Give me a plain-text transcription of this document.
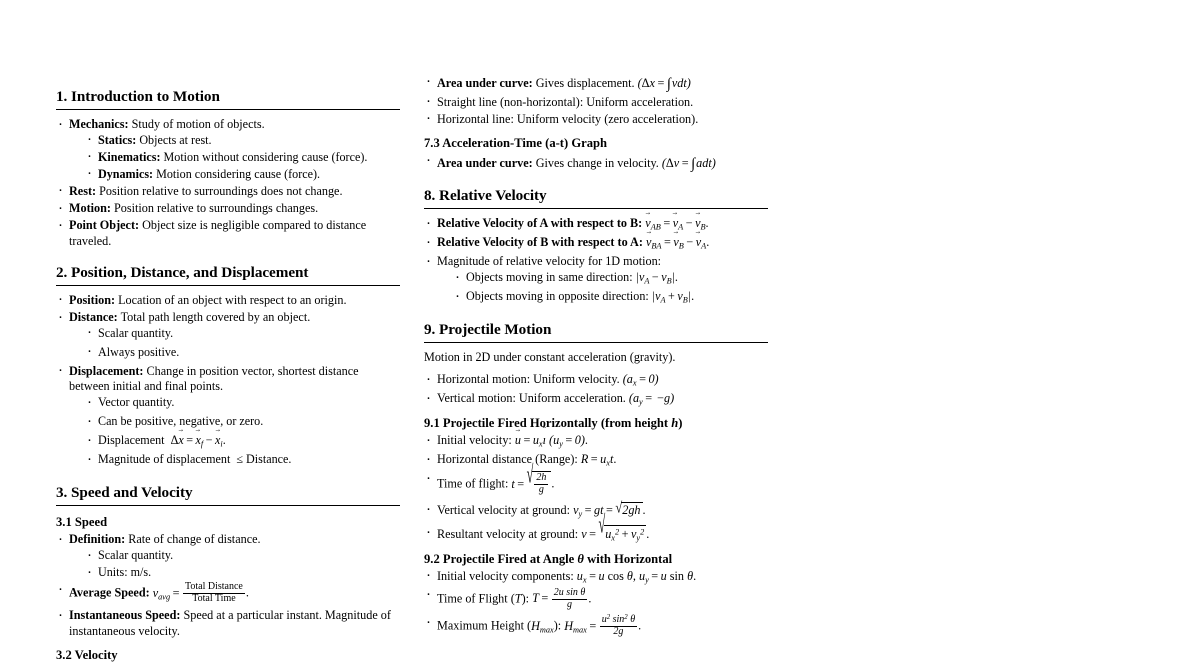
1. Introduction to Motion
· Mechanics: Study of motion of objects.
· Statics: Objects at rest.
· Kinematics: Motion without considering cause (force).
· Dynamics: Motion considering cause (force).
· Rest: Position relative to surroundings does not change.
· Motion: Position relative to surroundings changes.
· Point Object: Object size is negligible compared to distance traveled.
2. Position, Distance, and Displacement
· Position: Location of an object with respect to an origin.
· Distance: Total path length covered by an object.
· Scalar quantity.
· Always positive.
· Displacement: Change in position vector, shortest distance between initial and final points.
· Vector quantity.
· Can be positive, negative, or zero.
· Displacement Δx → = $x \to_f - x \to_i$.
· Magnitude of displacement  ≤ Distance.
3. Speed and Velocity
3.1 Speed
· Definition: Rate of change of distance.
· Scalar quantity.
· Units: m/s.
· Average Speed: $v_{avg} = \frac{\text{Total Distance}}{\text{Total Time}}$ .
· Instantaneous Speed: Speed at a particular instant. Magnitude of instantaneous velocity.
3.2 Velocity
· Area under curve: Gives displacement. (Δx = ∫vdt)
· Straight line (non-horizontal): Uniform acceleration.
· Horizontal line: Uniform velocity (zero acceleration).
7.3 Acceleration-Time (a-t) Graph
· Area under curve: Gives change in velocity. (Δv = ∫adt)
8. Relative Velocity
· Relative Velocity of A with respect to B: $v \to_{AB} = v \to_A - v \to_B$.
· Relative Velocity of B with respect to A: $v \to_{BA} = v \to_B - v \to_A$.
· Magnitude of relative velocity for 1D motion:
· Objects moving in same direction: $|v_A - v_B|$.
· Objects moving in opposite direction: $|v_A + v_B|$.
9. Projectile Motion

Motion in 2D under constant acceleration (gravity).

· Horizontal motion: Uniform velocity. $(a_x = 0)$
· Vertical motion: Uniform acceleration. $(a_y = -g)$
9.1 Projectile Fired Horizontally (from height h)
· Initial velocity: u → = $u_xı$ ˆ $(u_y = 0)$.
· Horizontal distance (Range): $R = u_xt$.
· Time of flight: t = √ $\frac{2h}{g}$ .
· Vertical velocity at ground: $v_y$ = gt = √2gh .
· Resultant velocity at ground: $v = √u_x^2 + v_y^2$ .
9.2 Projectile Fired at Angle θ with Horizontal
· Initial velocity components: $u_x = u$ cos θ, $u_y = u$ sin θ.
· Time of Flight (T): $T = \frac{\text{2u sin θ}}{g}$ .
· Maximum Height $(H_{max})$: $H_{max} = \frac{u^2 \sin^2 \theta}{2g}$ .
